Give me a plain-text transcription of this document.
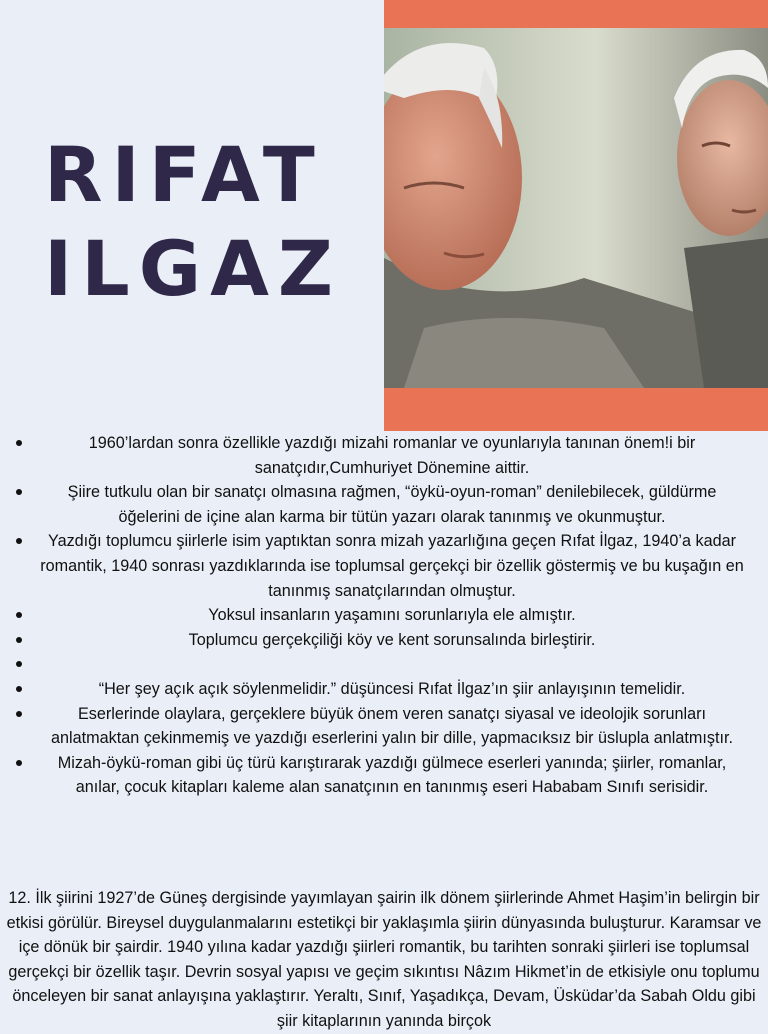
RIFAT
ILGAZ
1960’lardan sonra özellikle yazdığı mizahi romanlar ve oyunlarıyla tanınan önem!i bir sanatçıdır,Cumhuriyet Dönemine aittir.
Şiire tutkulu olan bir sanatçı olmasına rağmen, “öykü-oyun-roman” denilebilecek, güldürme öğelerini de içine alan karma bir tütün yazarı olarak tanınmış ve okunmuştur.
Yazdığı toplumcu şiirlerle isim yaptıktan sonra mizah yazarlığına geçen Rıfat İlgaz, 1940’a kadar romantik, 1940 sonrası yazdıklarında ise toplumsal gerçekçi bir özellik göstermiş ve bu kuşağın en tanınmış sanatçılarından olmuştur.
Yoksul insanların yaşamını sorunlarıyla ele almıştır.
Toplumcu gerçekçiliği köy ve kent sorunsalında birleştirir.
“Her şey açık açık söylenmelidir.” düşüncesi Rıfat İlgaz’ın şiir anlayışının temelidir.
Eserlerinde olaylara, gerçeklere büyük önem veren sanatçı siyasal ve ideolojik sorunları anlatmaktan çekinmemiş ve yazdığı eserlerini yalın bir dille, yapmacıksız bir üslupla anlatmıştır.
Mizah-öykü-roman gibi üç türü karıştırarak yazdığı gülmece eserleri yanında; şiirler, romanlar, anılar, çocuk kitapları kaleme alan sanatçının en tanınmış eseri Hababam Sınıfı serisidir.

12. İlk şiirini 1927’de Güneş dergisinde yayımlayan şairin ilk dönem şiirlerinde Ahmet Haşim’in belirgin bir etkisi görülür. Bireysel duygulanmalarını estetikçi bir yaklaşımla şiirin dünyasında buluşturur. Karamsar ve içe dönük bir şairdir. 1940 yılına kadar yazdığı şiirleri romantik, bu tarihten sonraki şiirleri ise toplumsal gerçekçi bir özellik taşır. Devrin sosyal yapısı ve geçim sıkıntısı Nâzım Hikmet’in de etkisiyle onu toplumu önceleyen bir sanat anlayışına yaklaştırır. Yeraltı, Sınıf, Yaşadıkça, Devam, Üsküdar’da Sabah Oldu gibi şiir kitaplarının yanında birçok
